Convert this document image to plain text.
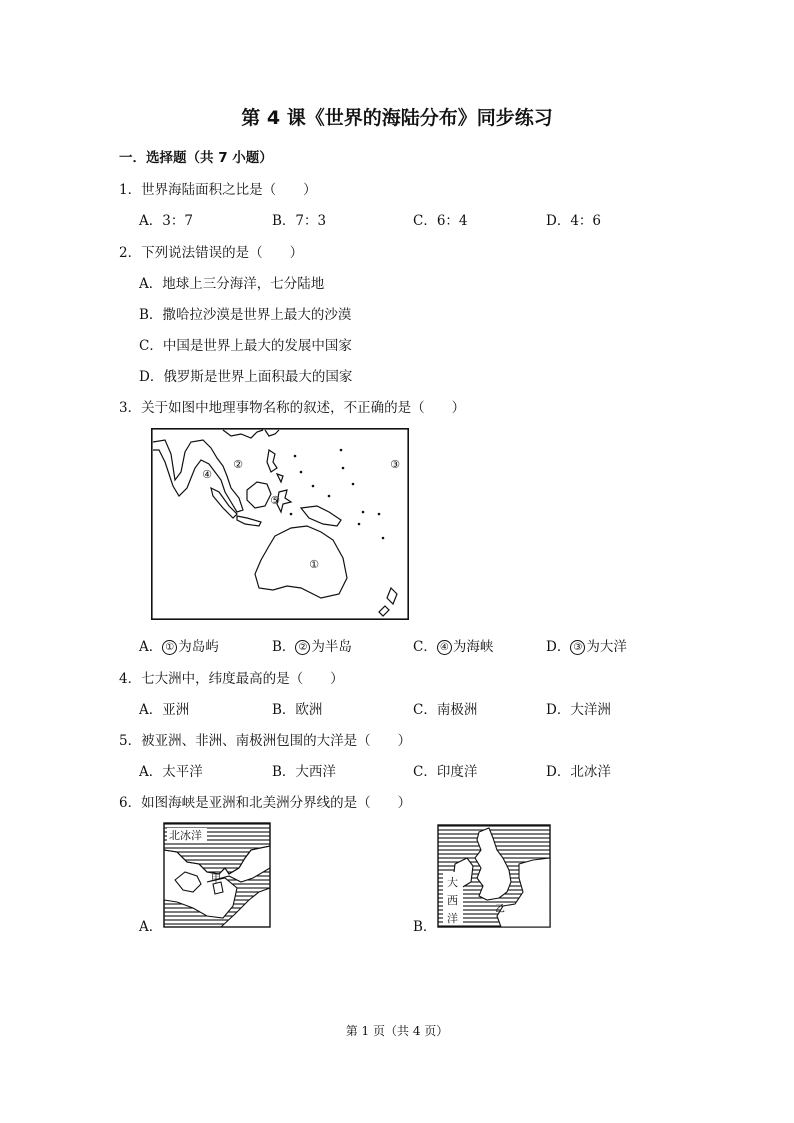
第 4 课《世界的海陆分布》同步练习
一．选择题（共 7 小题）
1．世界海陆面积之比是（　　）
A．3：7	B．7：3	C．6：4	D．4：6
2．下列说法错误的是（　　）
A．地球上三分海洋，七分陆地
B．撒哈拉沙漠是世界上最大的沙漠
C．中国是世界上最大的发展中国家
D．俄罗斯是世界上面积最大的国家
3．关于如图中地理事物名称的叙述，不正确的是（　　）
①
②	③
④
⑤
A． ① 为岛屿	B． ② 为半岛	C． ④ 为海峡	D． ③ 为大洋
4．七大洲中，纬度最高的是（　　）
A．亚洲	B．欧洲	C．南极洲	D．大洋洲
5．被亚洲、非洲、南极洲包围的大洋是（　　）
A．太平洋	B．大西洋	C．印度洋	D．北冰洋
6．如图海峡是亚洲和北美洲分界线的是（　　）
A．
北冰洋
甲
B．
大
西
洋
乙
第 1 页（共 4 页）
